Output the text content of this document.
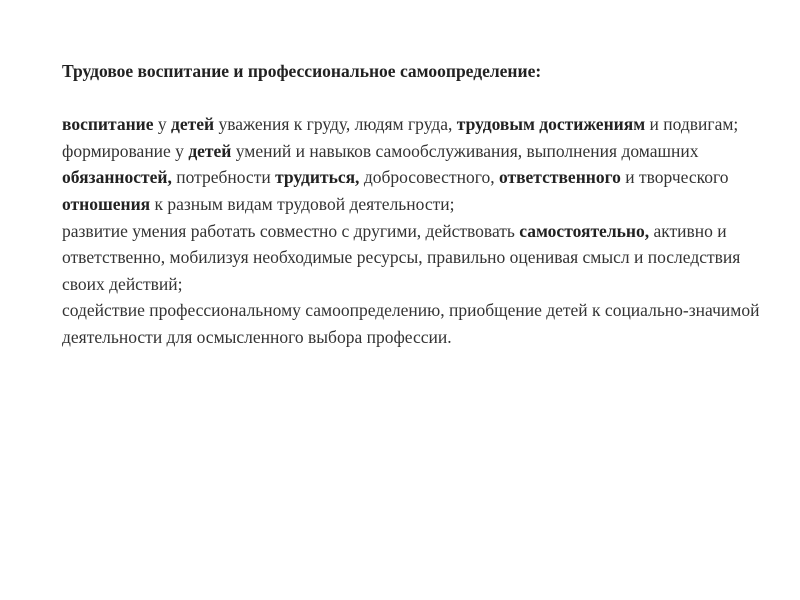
Трудовое воспитание и профессиональное самоопределение:

воспитание у детей уважения к груду, людям груда, трудовым достижениям и подвигам;

формирование у детей умений и навыков самообслуживания, выполнения домашних обязанностей, потребности трудиться, добросовестного, ответственного и творческого отношения к разным видам трудовой деятельности;

развитие умения работать совместно с другими, действовать самостоятельно, активно и ответственно, мобилизуя необходимые ресурсы, правильно оценивая смысл и последствия своих действий;

содействие профессиональному самоопределению, приобщение детей к социально-значимой деятельности для осмысленного выбора профессии.
